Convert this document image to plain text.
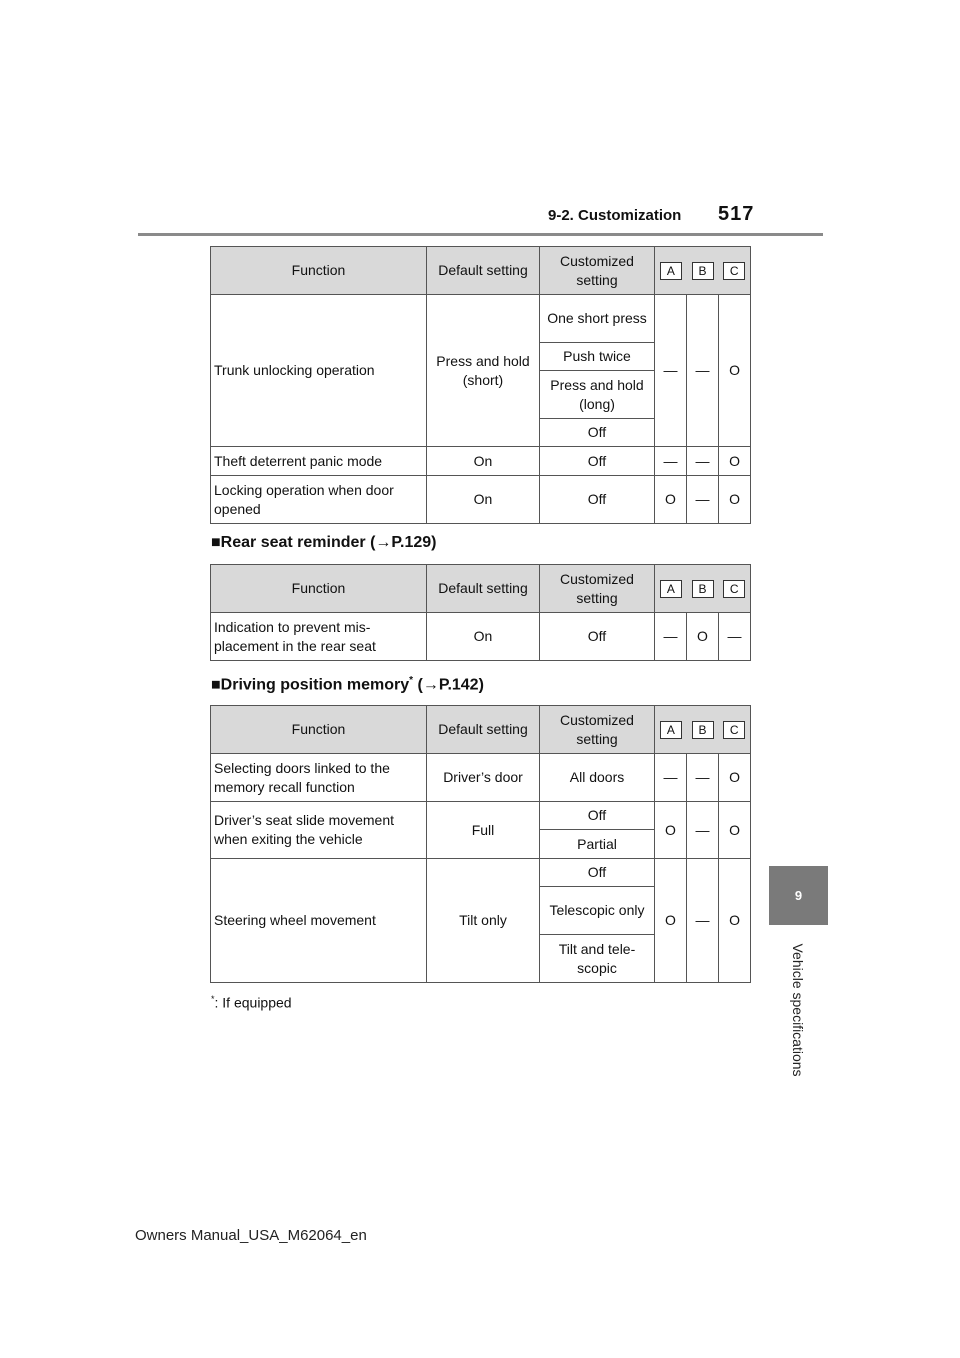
9-2. Customization 517
9
Vehicle specifications
Function	Default setting	Customized setting	A B C		

Trunk unlocking operation	Press and hold (short)	One short press	—	—	O
		Push twice			
		Press and hold (long)			
		Off			
Theft deterrent panic mode	On	Off	—	—	O
Locking operation when door opened	On	Off	O	—	O
■Rear seat reminder (→P.129)
Function	Default setting	Customized setting	A B C		

Indication to prevent mis-placement in the rear seat	On	Off	—	O	—
■Driving position memory* (→P.142)
Function	Default setting	Customized setting	A B C		

Selecting doors linked to the memory recall function	Driver’s door	All doors	—	—	O
Driver’s seat slide movement when exiting the vehicle	Full	Off	O	—	O
		Partial			
Steering wheel movement	Tilt only	Off	O	—	O
		Telescopic only			
		Tilt and tele-scopic			
*: If equipped
Owners Manual_USA_M62064_en
